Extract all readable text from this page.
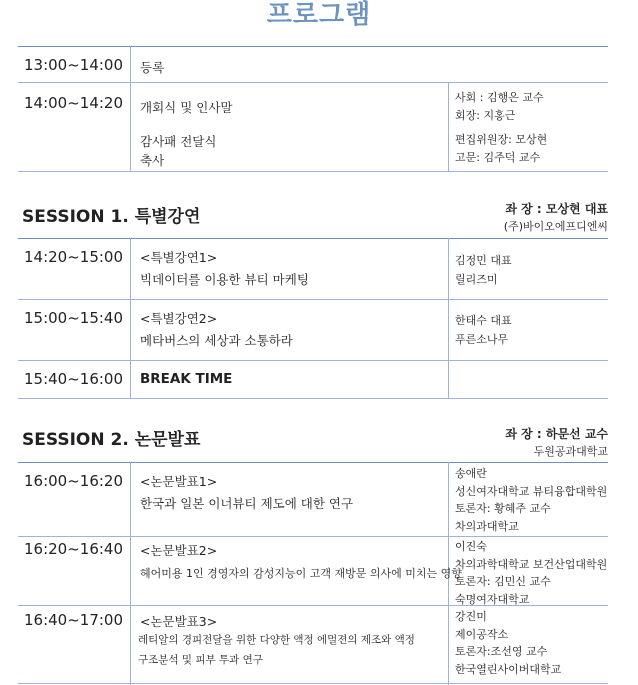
프로그램
13:00~14:00 등록
14:00~14:20 개회식 및 인사말
감사패 전달식
축사
사회 : 김행은 교수
회장: 지홍근
편집위원장: 모상현
고문: 김주덕 교수
SESSION 1. 특별강연	좌 장 : 모상현 대표
(주)바이오에프디엔씨
14:20~15:00 <특별강연1>
빅데이터를 이용한 뷰티 마케팅
김정민 대표
릴리즈미
15:00~15:40 <특별강연2>
메타버스의 세상과 소통하라
한태수 대표
푸른소나무
15:40~16:00 BREAK TIME
SESSION 2. 논문발표	좌 장 : 하문선 교수
두원공과대학교
16:00~16:20 <논문발표1>
한국과 일본 이너뷰티 제도에 대한 연구
송애란
성신여자대학교 뷰티융합대학원
토론자: 황혜주 교수
차의과대학교
16:20~16:40 <논문발표2>
헤어미용 1인 경영자의 감성지능이 고객 재방문 의사에 미치는 영향
이진숙
차의과학대학교 보건산업대학원
토론자: 김민신 교수
숙명여자대학교
16:40~17:00 <논문발표3>
레티알의 경피전달을 위한 다양한 액정 에멀젼의 제조와 액정
구조분석 및 피부 투과 연구
강진미
제이공작소
토론자:조선영 교수
한국열린사이버대학교
